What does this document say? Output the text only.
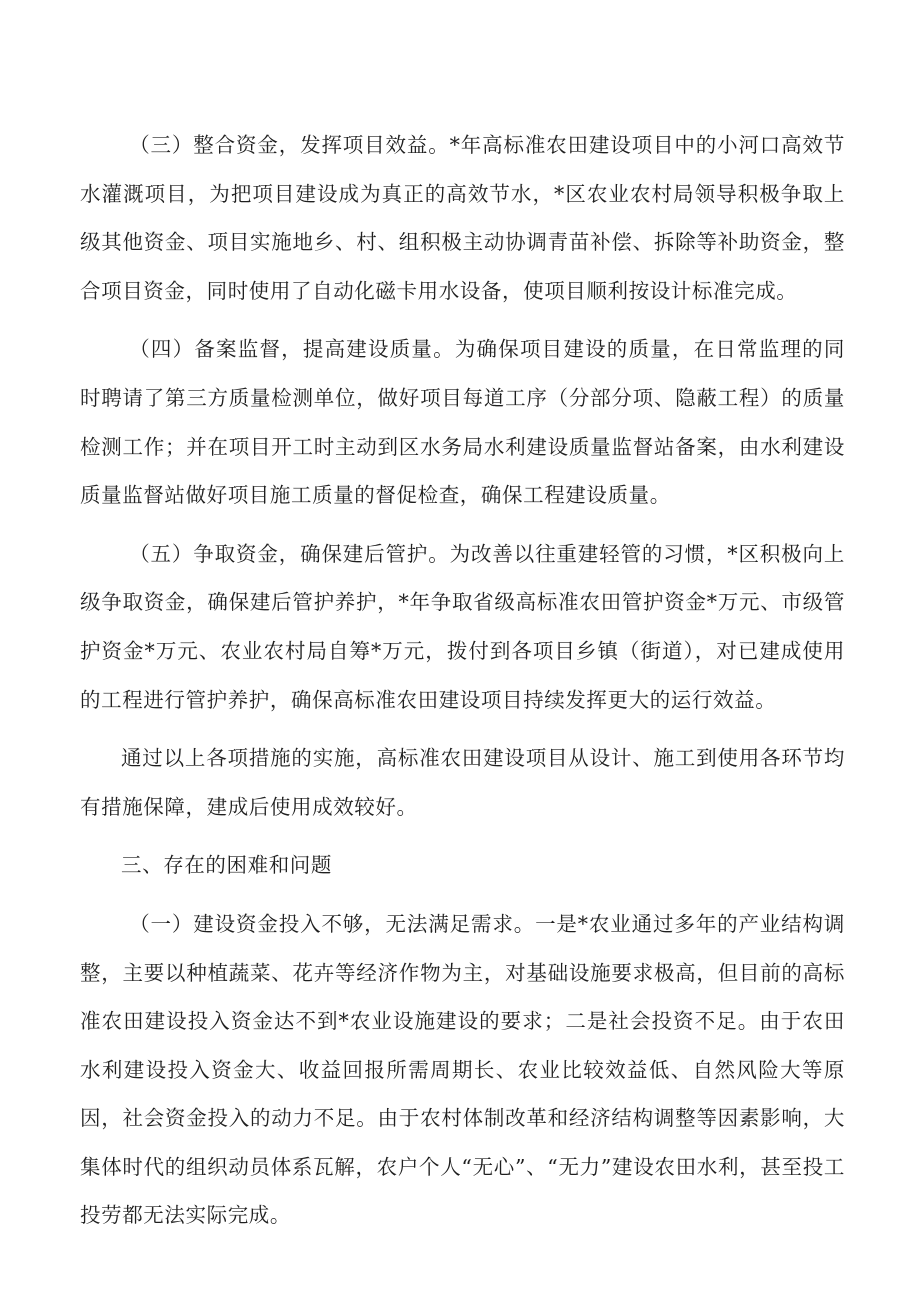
（三）整合资金，发挥项目效益。*年高标准农田建设项目中的小河口高效节水灌溉项目，为把项目建设成为真正的高效节水，*区农业农村局领导积极争取上级其他资金、项目实施地乡、村、组积极主动协调青苗补偿、拆除等补助资金，整合项目资金，同时使用了自动化磁卡用水设备，使项目顺利按设计标准完成。

（四）备案监督，提高建设质量。为确保项目建设的质量，在日常监理的同时聘请了第三方质量检测单位，做好项目每道工序（分部分项、隐蔽工程）的质量检测工作；并在项目开工时主动到区水务局水利建设质量监督站备案，由水利建设质量监督站做好项目施工质量的督促检查，确保工程建设质量。

（五）争取资金，确保建后管护。为改善以往重建轻管的习惯，*区积极向上级争取资金，确保建后管护养护，*年争取省级高标准农田管护资金*万元、市级管护资金*万元、农业农村局自筹*万元，拨付到各项目乡镇（街道），对已建成使用的工程进行管护养护，确保高标准农田建设项目持续发挥更大的运行效益。

通过以上各项措施的实施，高标准农田建设项目从设计、施工到使用各环节均有措施保障，建成后使用成效较好。

三、存在的困难和问题

（一）建设资金投入不够，无法满足需求。一是*农业通过多年的产业结构调整，主要以种植蔬菜、花卉等经济作物为主，对基础设施要求极高，但目前的高标准农田建设投入资金达不到*农业设施建设的要求；二是社会投资不足。由于农田水利建设投入资金大、收益回报所需周期长、农业比较效益低、自然风险大等原因，社会资金投入的动力不足。由于农村体制改革和经济结构调整等因素影响，大集体时代的组织动员体系瓦解，农户个人“无心”、“无力”建设农田水利，甚至投工投劳都无法实际完成。
